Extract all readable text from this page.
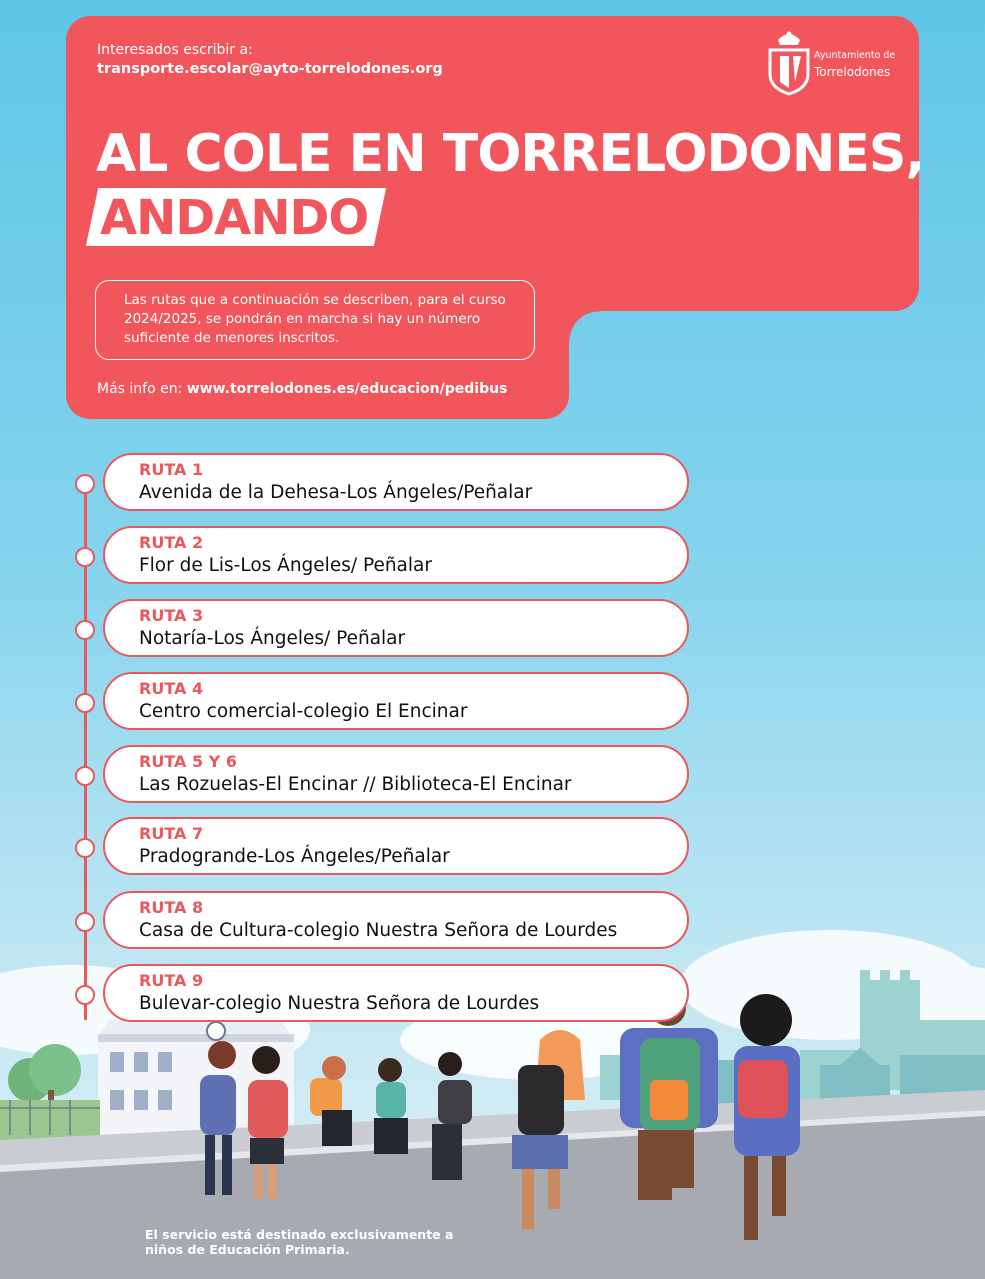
Interesados escribir a:
transporte.escolar@ayto-torrelodones.org
Ayuntamiento de
Torrelodones
AL COLE EN TORRELODONES,
ANDANDO
Las rutas que a continuación se describen, para el curso 2024/2025, se pondrán en marcha si hay un número suficiente de menores inscritos.
Más info en: www.torrelodones.es/educacion/pedibus
RUTA 1
Avenida de la Dehesa-Los Ángeles/Peñalar
RUTA 2
Flor de Lis-Los Ángeles/ Peñalar
RUTA 3
Notaría-Los Ángeles/ Peñalar
RUTA 4
Centro comercial-colegio El Encinar
RUTA 5 Y 6
Las Rozuelas-El Encinar // Biblioteca-El Encinar
RUTA 7
Pradogrande-Los Ángeles/Peñalar
RUTA 8
Casa de Cultura-colegio Nuestra Señora de Lourdes
RUTA 9
Bulevar-colegio Nuestra Señora de Lourdes
El servicio está destinado exclusivamente a niños de Educación Primaria.
